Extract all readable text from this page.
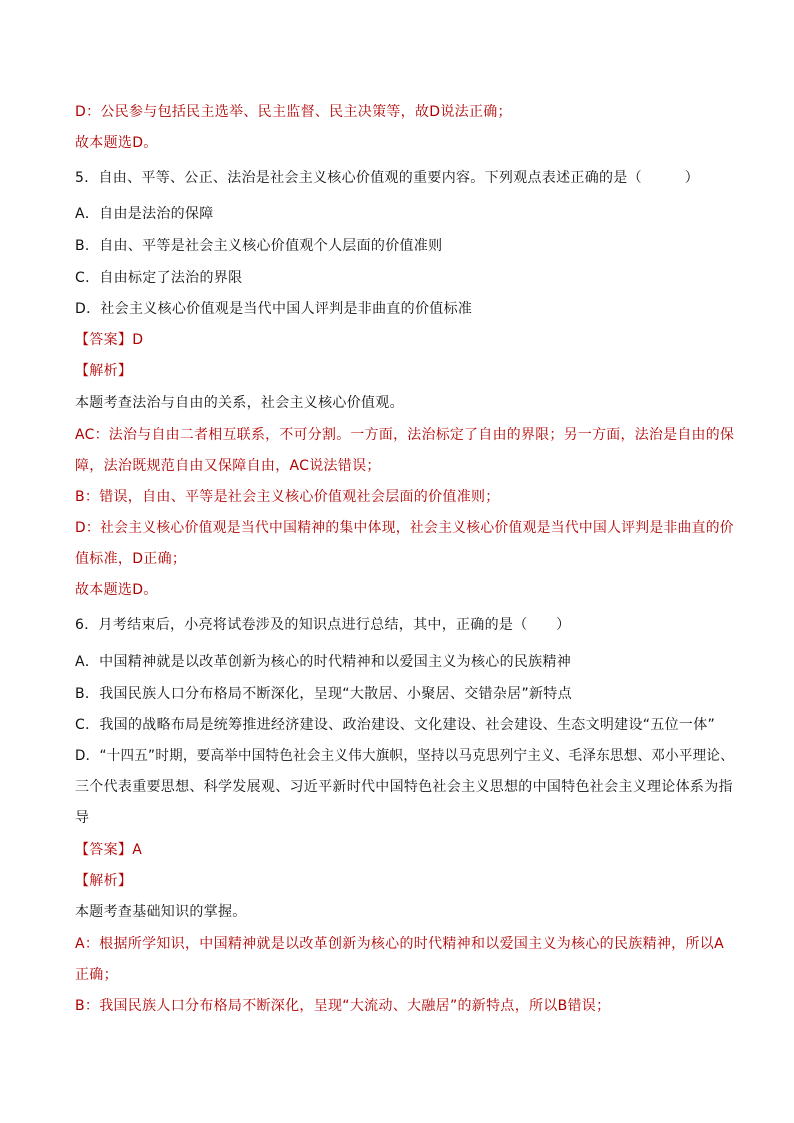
D：公民参与包括民主选举、民主监督、民主决策等，故D说法正确；
故本题选D。
5．自由、平等、公正、法治是社会主义核心价值观的重要内容。下列观点表述正确的是（　　　）
A．自由是法治的保障
B．自由、平等是社会主义核心价值观个人层面的价值准则
C．自由标定了法治的界限
D．社会主义核心价值观是当代中国人评判是非曲直的价值标准
【答案】D
【解析】
本题考查法治与自由的关系，社会主义核心价值观。
AC：法治与自由二者相互联系，不可分割。一方面，法治标定了自由的界限；另一方面，法治是自由的保
障，法治既规范自由又保障自由，AC说法错误；
B：错误，自由、平等是社会主义核心价值观社会层面的价值准则；
D：社会主义核心价值观是当代中国精神的集中体现，社会主义核心价值观是当代中国人评判是非曲直的价
值标准，D正确；
故本题选D。
6．月考结束后，小亮将试卷涉及的知识点进行总结，其中，正确的是（　　）
A．中国精神就是以改革创新为核心的时代精神和以爱国主义为核心的民族精神
B．我国民族人口分布格局不断深化，呈现“大散居、小聚居、交错杂居”新特点
C．我国的战略布局是统筹推进经济建设、政治建设、文化建设、社会建设、生态文明建设“五位一体”
D．“十四五”时期，要高举中国特色社会主义伟大旗帜，坚持以马克思列宁主义、毛泽东思想、邓小平理论、
三个代表重要思想、科学发展观、习近平新时代中国特色社会主义思想的中国特色社会主义理论体系为指
导
【答案】A
【解析】
本题考查基础知识的掌握。
A：根据所学知识，中国精神就是以改革创新为核心的时代精神和以爱国主义为核心的民族精神，所以A
正确；
B：我国民族人口分布格局不断深化，呈现“大流动、大融居”的新特点，所以B错误；
